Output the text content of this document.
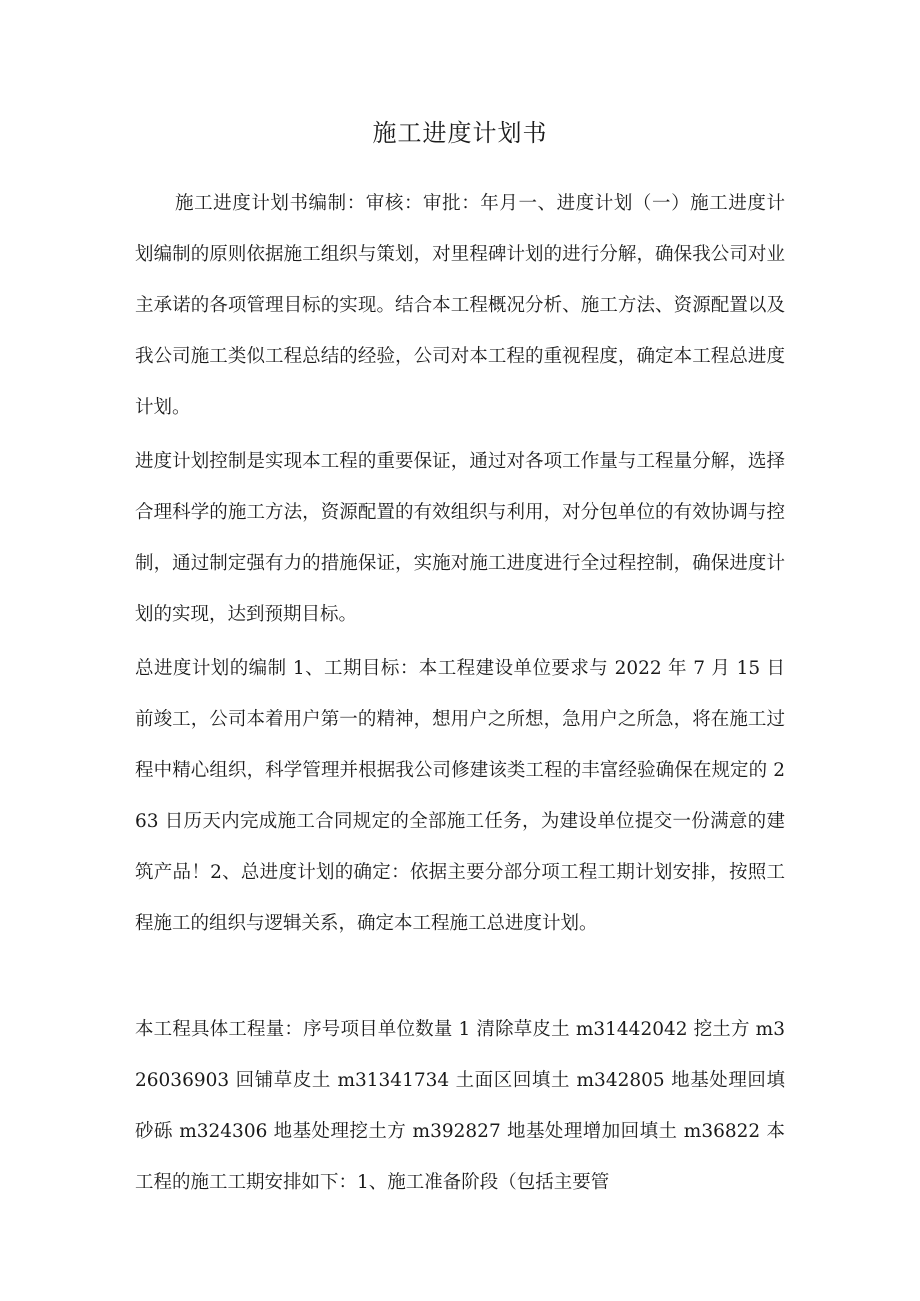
施工进度计划书

施工进度计划书编制：审核：审批：年月一、进度计划（一）施工进度计划编制的原则依据施工组织与策划，对里程碑计划的进行分解，确保我公司对业主承诺的各项管理目标的实现。结合本工程概况分析、施工方法、资源配置以及我公司施工类似工程总结的经验，公司对本工程的重视程度，确定本工程总进度计划。

进度计划控制是实现本工程的重要保证，通过对各项工作量与工程量分解，选择合理科学的施工方法，资源配置的有效组织与利用，对分包单位的有效协调与控制，通过制定强有力的措施保证，实施对施工进度进行全过程控制，确保进度计划的实现，达到预期目标。

总进度计划的编制 1、工期目标：本工程建设单位要求与 2022 年 7 月 15 日前竣工，公司本着用户第一的精神，想用户之所想，急用户之所急，将在施工过程中精心组织，科学管理并根据我公司修建该类工程的丰富经验确保在规定的 263 日历天内完成施工合同规定的全部施工任务，为建设单位提交一份满意的建筑产品！2、总进度计划的确定：依据主要分部分项工程工期计划安排，按照工程施工的组织与逻辑关系，确定本工程施工总进度计划。

本工程具体工程量：序号项目单位数量 1 清除草皮土 m31442042 挖土方 m326036903 回铺草皮土 m31341734 土面区回填土 m342805 地基处理回填砂砾 m324306 地基处理挖土方 m392827 地基处理增加回填土 m36822 本工程的施工工期安排如下：1、施工准备阶段（包括主要管
